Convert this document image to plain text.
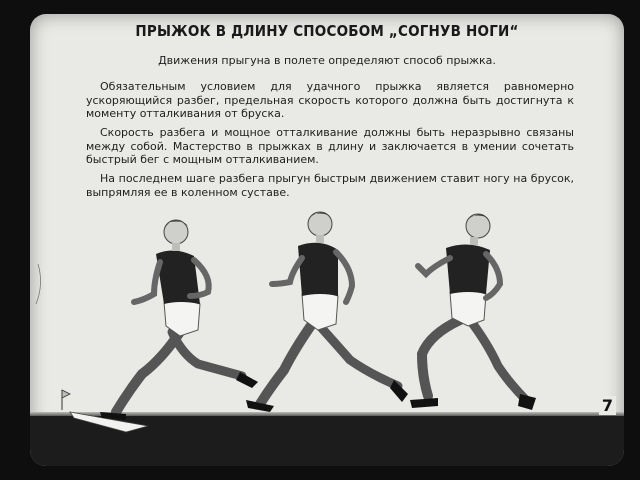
ПРЫЖОК В ДЛИНУ СПОСОБОМ „СОГНУВ НОГИ“
Движения прыгуна в полете определяют способ прыжка.
Обязательным условием для удачного прыжка является равномерно ускоряющийся разбег, предельная скорость которого должна быть достигнута к моменту отталкивания от бруска.
Скорость разбега и мощное отталкивание должны быть неразрывно связаны между собой. Мастерство в прыжках в длину и заключается в умении сочетать быстрый бег с мощным отталкиванием.
На последнем шаге разбега прыгун быстрым движением ставит ногу на брусок, выпрямляя ее в коленном суставе.
7
